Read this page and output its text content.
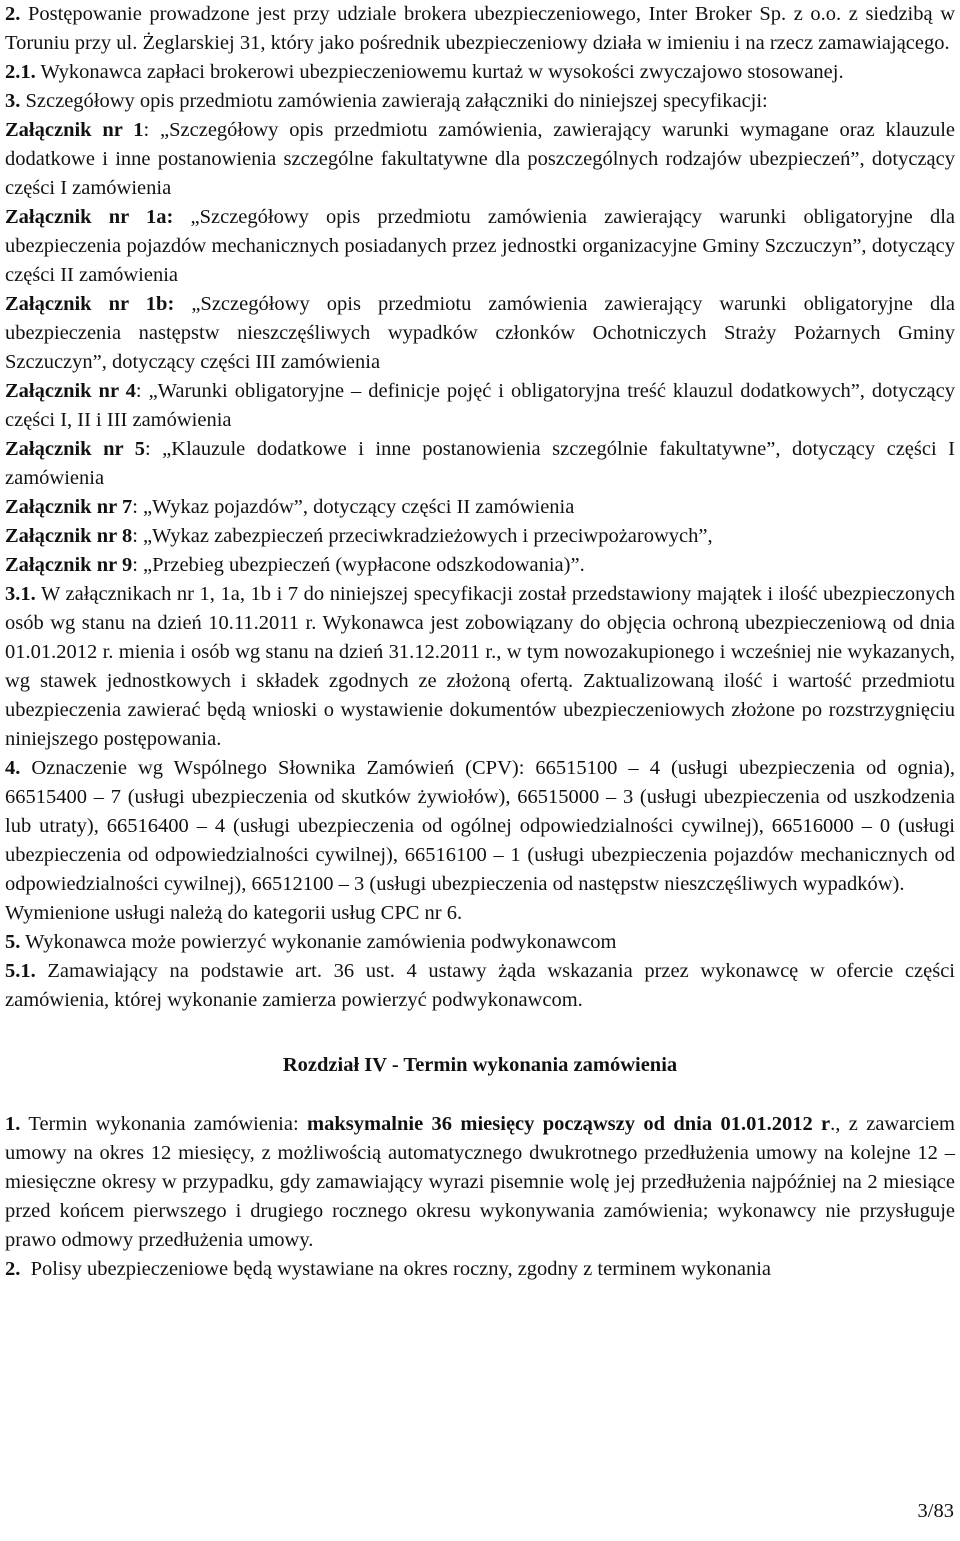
2. Postępowanie prowadzone jest przy udziale brokera ubezpieczeniowego, Inter Broker Sp. z o.o. z siedzibą w Toruniu przy ul. Żeglarskiej 31, który jako pośrednik ubezpieczeniowy działa w imieniu i na rzecz zamawiającego.

2.1. Wykonawca zapłaci brokerowi ubezpieczeniowemu kurtaż w wysokości zwyczajowo stosowanej.

3. Szczegółowy opis przedmiotu zamówienia zawierają załączniki do niniejszej specyfikacji:

Załącznik nr 1: „Szczegółowy opis przedmiotu zamówienia, zawierający warunki wymagane oraz klauzule dodatkowe i inne postanowienia szczególne fakultatywne dla poszczególnych rodzajów ubezpieczeń”, dotyczący części I zamówienia

Załącznik nr 1a: „Szczegółowy opis przedmiotu zamówienia zawierający warunki obligatoryjne dla ubezpieczenia pojazdów mechanicznych posiadanych przez jednostki organizacyjne Gminy Szczuczyn”, dotyczący części II zamówienia

Załącznik nr 1b: „Szczegółowy opis przedmiotu zamówienia zawierający warunki obligatoryjne dla ubezpieczenia następstw nieszczęśliwych wypadków członków Ochotniczych Straży Pożarnych Gminy Szczuczyn”, dotyczący części III zamówienia

Załącznik nr 4: „Warunki obligatoryjne – definicje pojęć i obligatoryjna treść klauzul dodatkowych”, dotyczący części I, II i III zamówienia

Załącznik nr 5: „Klauzule dodatkowe i inne postanowienia szczególnie fakultatywne”, dotyczący części I zamówienia

Załącznik nr 7: „Wykaz pojazdów”, dotyczący części II zamówienia

Załącznik nr 8: „Wykaz zabezpieczeń przeciwkradzieżowych i przeciwpożarowych”,

Załącznik nr 9: „Przebieg ubezpieczeń (wypłacone odszkodowania)”.

3.1. W załącznikach nr 1, 1a, 1b i 7 do niniejszej specyfikacji został przedstawiony majątek i ilość ubezpieczonych osób wg stanu na dzień 10.11.2011 r. Wykonawca jest zobowiązany do objęcia ochroną ubezpieczeniową od dnia 01.01.2012 r. mienia i osób wg stanu na dzień 31.12.2011 r., w tym nowozakupionego i wcześniej nie wykazanych, wg stawek jednostkowych i składek zgodnych ze złożoną ofertą. Zaktualizowaną ilość i wartość przedmiotu ubezpieczenia zawierać będą wnioski o wystawienie dokumentów ubezpieczeniowych złożone po rozstrzygnięciu niniejszego postępowania.

4. Oznaczenie wg Wspólnego Słownika Zamówień (CPV): 66515100 – 4 (usługi ubezpieczenia od ognia), 66515400 – 7 (usługi ubezpieczenia od skutków żywiołów), 66515000 – 3 (usługi ubezpieczenia od uszkodzenia lub utraty), 66516400 – 4 (usługi ubezpieczenia od ogólnej odpowiedzialności cywilnej), 66516000 – 0 (usługi ubezpieczenia od odpowiedzialności cywilnej), 66516100 – 1 (usługi ubezpieczenia pojazdów mechanicznych od odpowiedzialności cywilnej), 66512100 – 3 (usługi ubezpieczenia od następstw nieszczęśliwych wypadków).

Wymienione usługi należą do kategorii usług CPC nr 6.

5. Wykonawca może powierzyć wykonanie zamówienia podwykonawcom

5.1. Zamawiający na podstawie art. 36 ust. 4 ustawy żąda wskazania przez wykonawcę w ofercie części zamówienia, której wykonanie zamierza powierzyć podwykonawcom.

Rozdział IV - Termin wykonania zamówienia

1. Termin wykonania zamówienia: maksymalnie 36 miesięcy począwszy od dnia 01.01.2012 r., z zawarciem umowy na okres 12 miesięcy, z możliwością automatycznego dwukrotnego przedłużenia umowy na kolejne 12 – miesięczne okresy w przypadku, gdy zamawiający wyrazi pisemnie wolę jej przedłużenia najpóźniej na 2 miesiące przed końcem pierwszego i drugiego rocznego okresu wykonywania zamówienia; wykonawcy nie przysługuje prawo odmowy przedłużenia umowy.

2.  Polisy ubezpieczeniowe będą wystawiane na okres roczny, zgodny z terminem wykonania

3/83
